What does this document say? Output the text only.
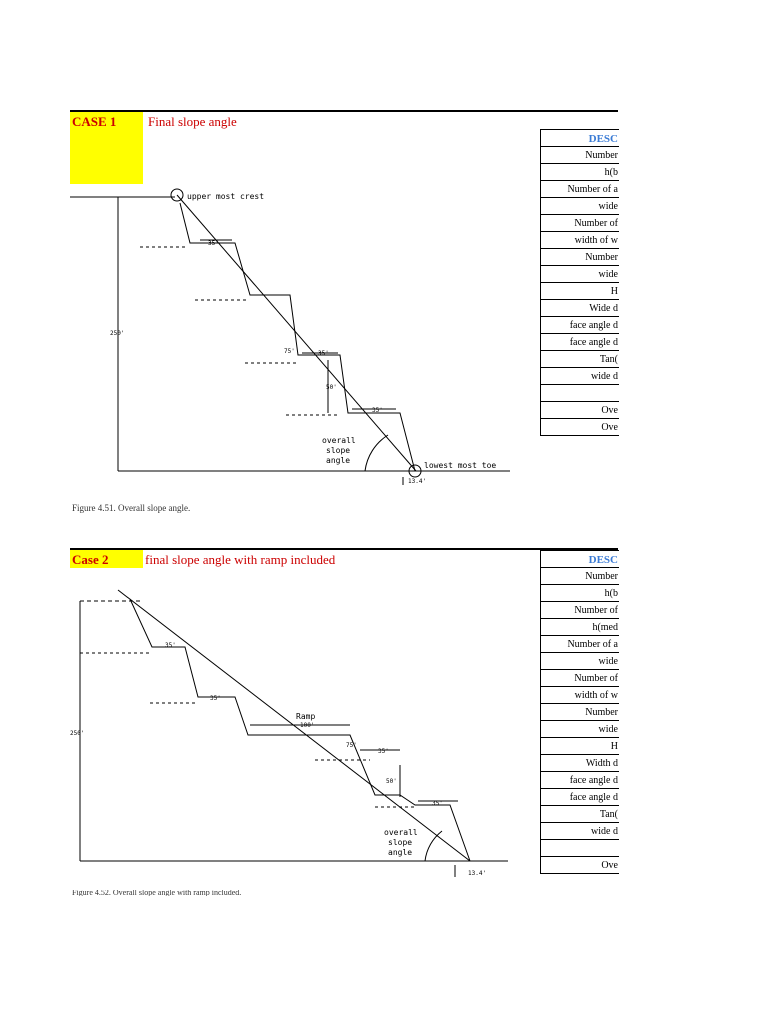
CASE 1 Final slope angle
upper most crest
250'
35'
75'	35'
35'
50'
overall
slope
angle
lowest most toe
13.4'
Figure 4.51. Overall slope angle.
DESC
Number
h(b
Number of a
wide
Number of
width of w
Number
wide
H
Wide d
face angle d
face angle d
Tan(
wide d
Ove
Ove
Case 2	final slope angle with ramp included
250'
35'
35'
Ramp
100'
75'
35'
50'
35'
overall
slope
angle
13.4'
Figure 4.52. Overall slope angle with ramp included.
DESC
Number
h(b
Number of
h(med
Number of a
wide
Number of
width of w
Number
wide
H
Width d
face angle d
face angle d
Tan(
wide d
Ove
